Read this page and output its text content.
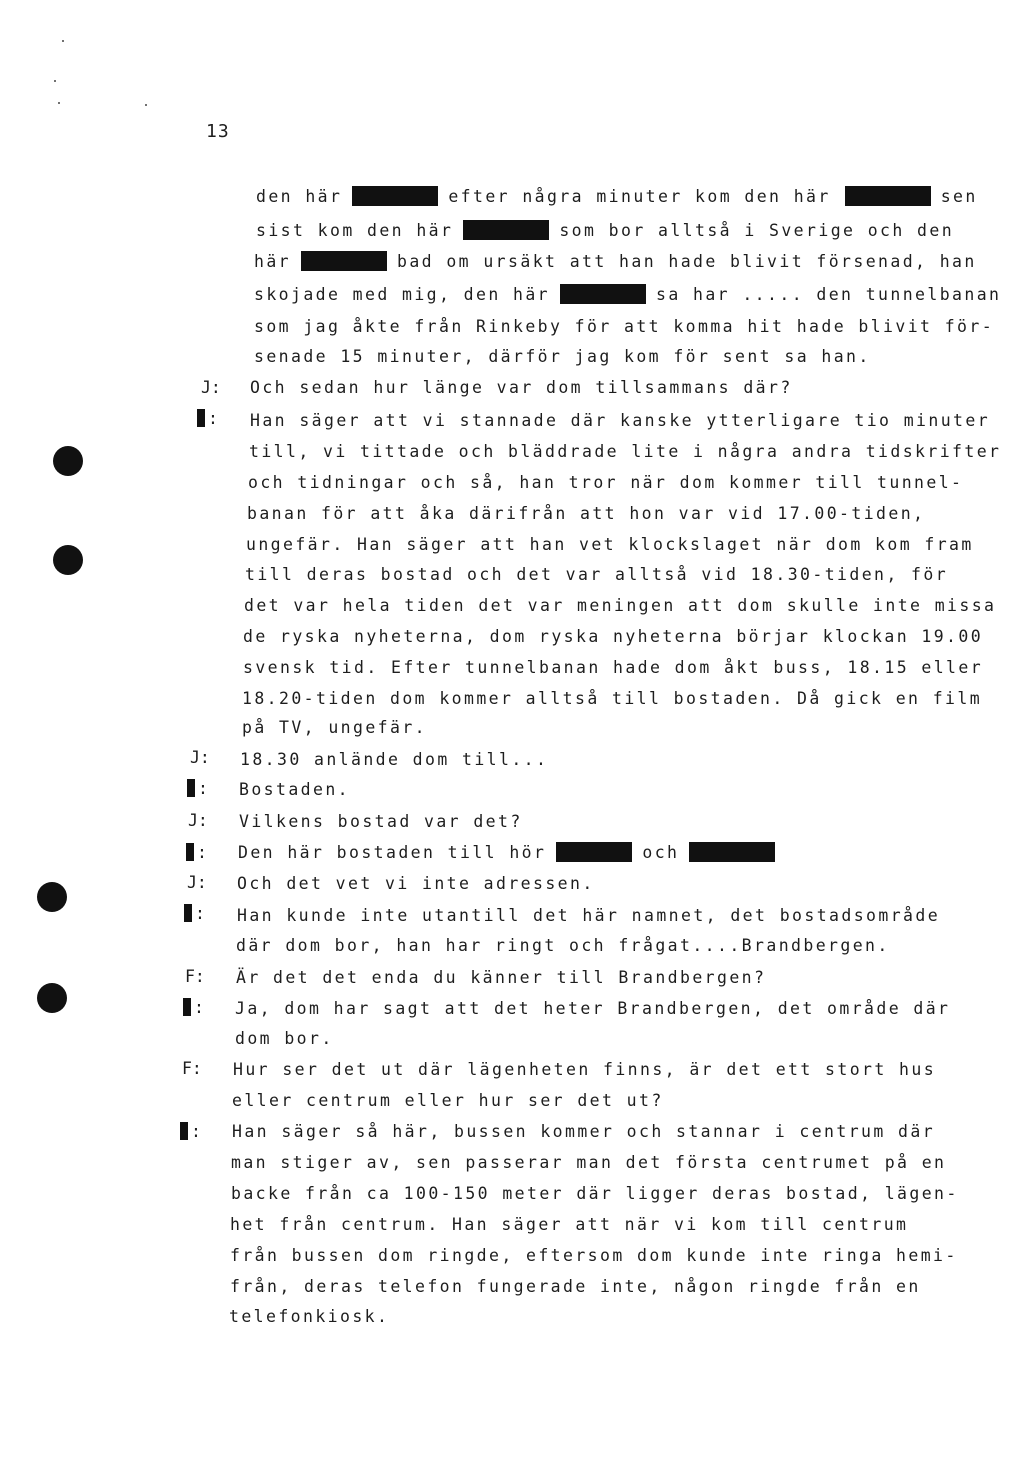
13
den här	efter några minuter kom den här	sen
sist kom den här	som bor alltså i Sverige och den
här	bad om ursäkt att han hade blivit försenad, han
skojade med mig, den här	sa har ..... den tunnelbanan
som jag åkte från Rinkeby för att komma hit hade blivit för-
senade 15 minuter, därför jag kom för sent sa han.
J: Och sedan hur länge var dom tillsammans där?
: Han säger att vi stannade där kanske ytterligare tio minuter
till, vi tittade och bläddrade lite i några andra tidskrifter
och tidningar och så, han tror när dom kommer till tunnel-
banan för att åka därifrån att hon var vid 17.00-tiden,
ungefär. Han säger att han vet klockslaget när dom kom fram
till deras bostad och det var alltså vid 18.30-tiden, för
det var hela tiden det var meningen att dom skulle inte missa
de ryska nyheterna, dom ryska nyheterna börjar klockan 19.00
svensk tid. Efter tunnelbanan hade dom åkt buss, 18.15 eller
18.20-tiden dom kommer alltså till bostaden. Då gick en film
på TV, ungefär.
J: 18.30 anlände dom till...
: Bostaden.
J: Vilkens bostad var det?
: Den här bostaden till hör	och
J: Och det vet vi inte adressen.
: Han kunde inte utantill det här namnet, det bostadsområde
där dom bor, han har ringt och frågat....Brandbergen.
F: Är det det enda du känner till Brandbergen?
: Ja, dom har sagt att det heter Brandbergen, det område där
dom bor.
F: Hur ser det ut där lägenheten finns, är det ett stort hus
eller centrum eller hur ser det ut?
: Han säger så här, bussen kommer och stannar i centrum där
man stiger av, sen passerar man det första centrumet på en
backe från ca 100-150 meter där ligger deras bostad, lägen-
het från centrum. Han säger att när vi kom till centrum
från bussen dom ringde, eftersom dom kunde inte ringa hemi-
från, deras telefon fungerade inte, någon ringde från en
telefonkiosk.
